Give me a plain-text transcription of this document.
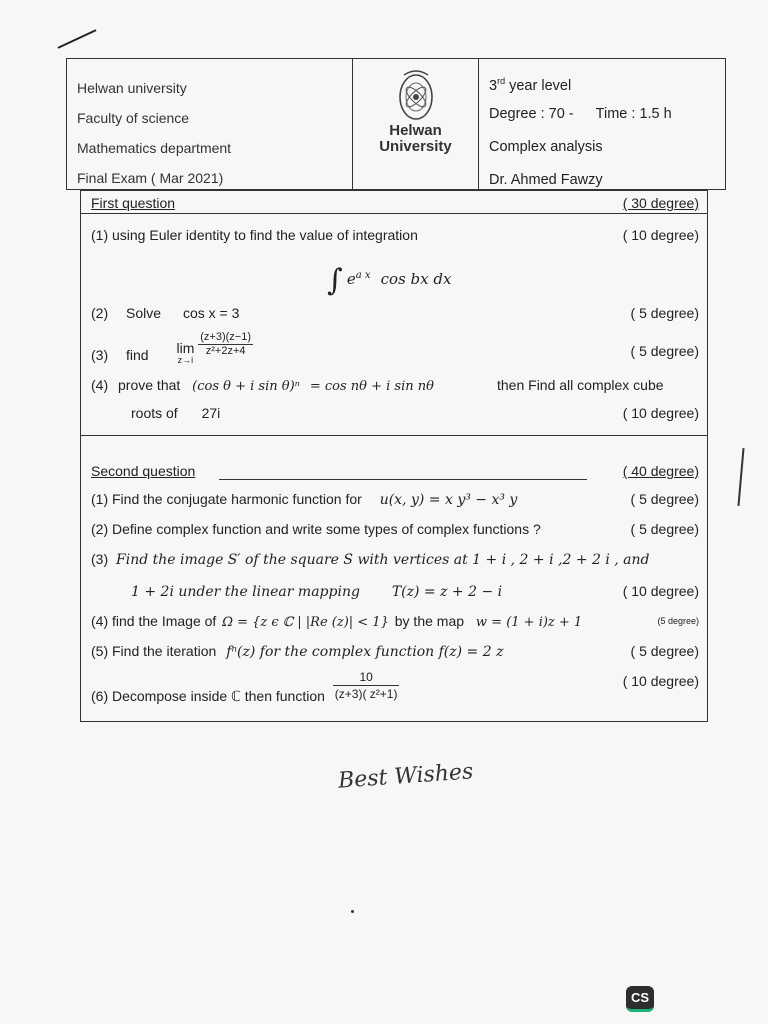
Helwan university
Faculty of science
Mathematics department
Final Exam ( Mar 2021)
Helwan
University
3rd year level
Degree : 70 - Time : 1.5 h
Complex analysis
Dr. Ahmed Fawzy
First question	( 30 degree)
(1) using Euler identity to find the value of integration	( 10 degree)
∫ $e^{a x}$ cos bx dx
(2) Solve cos x = 3	( 5 degree)
(3) find lim
z→i

$\frac{(z+3)(z-1)}{\text{z²+2z+4}}$	( 5 degree)
(4) prove that (cos θ + i sin θ)ⁿ = cos nθ + i sin nθ	then Find all complex cube
roots of 27i	( 10 degree)
Second question	( 40 degree)
(1) Find the conjugate harmonic function for u(x, y) = x y³ − x³ y	( 5 degree)
(2) Define complex function and write some types of complex functions ?	( 5 degree)
(3) Find the image S′ of the square S with vertices at 1 + i , 2 + i ,2 + 2 i , and
1 + 2i under the linear mapping T(z) = z + 2 − i	( 10 degree)
(4) find the Image of Ω = {z ϵ ℂ | |Re (z)| < 1} by the map w = (1 + i)z + 1	(5 degree)
(5) Find the iteration fⁿ(z) for the complex function f(z) = 2 z	( 5 degree)
(6) Decompose inside ℂ then function $\frac{10}{\text{(z+3)( z²+1)}}$	( 10 degree)
Best Wishes
CS
